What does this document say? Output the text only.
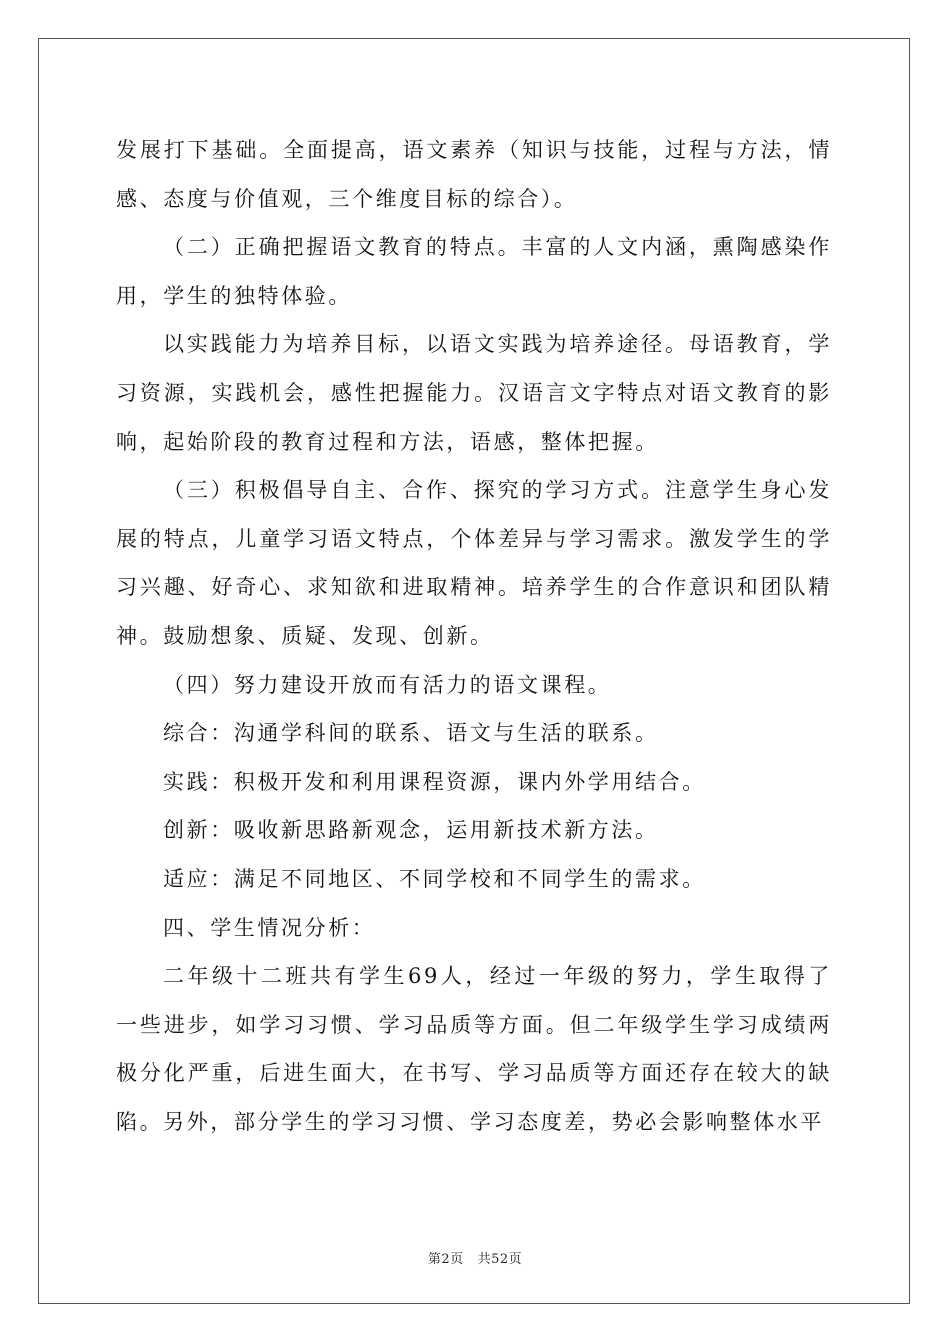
发展打下基础。全面提高，语文素养（知识与技能，过程与方法，情感、态度与价值观，三个维度目标的综合）。

（二）正确把握语文教育的特点。丰富的人文内涵，熏陶感染作用，学生的独特体验。

以实践能力为培养目标，以语文实践为培养途径。母语教育，学习资源，实践机会，感性把握能力。汉语言文字特点对语文教育的影响，起始阶段的教育过程和方法，语感，整体把握。

（三）积极倡导自主、合作、探究的学习方式。注意学生身心发展的特点，儿童学习语文特点，个体差异与学习需求。激发学生的学习兴趣、好奇心、求知欲和进取精神。培养学生的合作意识和团队精神。鼓励想象、质疑、发现、创新。

（四）努力建设开放而有活力的语文课程。

综合：沟通学科间的联系、语文与生活的联系。

实践：积极开发和利用课程资源，课内外学用结合。

创新：吸收新思路新观念，运用新技术新方法。

适应：满足不同地区、不同学校和不同学生的需求。

四、学生情况分析：

二年级十二班共有学生69人，经过一年级的努力，学生取得了一些进步，如学习习惯、学习品质等方面。但二年级学生学习成绩两极分化严重，后进生面大，在书写、学习品质等方面还存在较大的缺陷。另外，部分学生的学习习惯、学习态度差，势必会影响整体水平

第2页 共52页
